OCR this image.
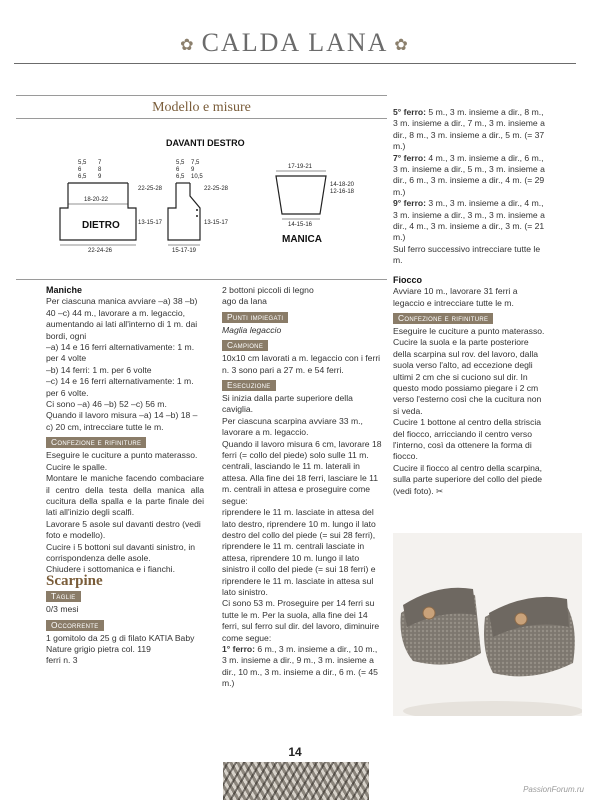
✿ CALDA LANA ✿
Modello e misure
DAVANTI DESTRO
DIETRO
5,5
6
6,5
7
8
9
18-20-22
22-25-28
13-15-17
22-24-26
5,5
6
6,5
7,5
9
10,5
22-25-28
13-15-17
15-17-19
17-19-21
14-18-20
12-16-18
14-15-16
MANICA

Maniche

Per ciascuna manica avviare –a) 38 –b) 40 –c) 44 m., lavorare a m. legaccio, aumentando ai lati all'interno di 1 m. dai bordi, ogni

–a) 14 e 16 ferri alternativamente: 1 m. per 4 volte

–b) 14 ferri: 1 m. per 6 volte

–c) 14 e 16 ferri alternativamente: 1 m. per 6 volte.

Ci sono –a) 46 –b) 52 –c) 56 m.

Quando il lavoro misura –a) 14 –b) 18 –c) 20 cm, intrecciare tutte le m.

Confezione e rifiniture

Eseguire le cuciture a punto materasso. Cucire le spalle.

Montare le maniche facendo combaciare il centro della testa della manica alla cucitura della spalla e la parte finale dei lati all'inizio degli scalfi.

Lavorare 5 asole sul davanti destro (vedi foto e modello).

Cucire i 5 bottoni sul davanti sinistro, in corrispondenza delle asole.

Chiudere i sottomanica e i fianchi.

Scarpine

Taglie

0/3 mesi

Occorrente

1 gomitolo da 25 g di filato KATIA Baby Nature grigio pietra col. 119

ferri n. 3

2 bottoni piccoli di legno

ago da lana

Punti impiegati

Maglia legaccio

Campione

10x10 cm lavorati a m. legaccio con i ferri n. 3 sono pari a 27 m. e 54 ferri.

Esecuzione

Si inizia dalla parte superiore della caviglia.

Per ciascuna scarpina avviare 33 m., lavorare a m. legaccio.

Quando il lavoro misura 6 cm, lavorare 18 ferri (= collo del piede) solo sulle 11 m. centrali, lasciando le 11 m. laterali in attesa. Alla fine dei 18 ferri, lasciare le 11 m. centrali in attesa e proseguire come segue:

riprendere le 11 m. lasciate in attesa del lato destro, riprendere 10 m. lungo il lato destro del collo del piede (= sui 28 ferri), riprendere le 11 m. centrali lasciate in attesa, riprendere 10 m. lungo il lato sinistro il collo del piede (= sui 18 ferri) e riprendere le 11 m. lasciate in attesa sul lato sinistro.

Ci sono 53 m. Proseguire per 14 ferri su tutte le m. Per la suola, alla fine dei 14 ferri, sul ferro sul dir. del lavoro, diminuire come segue:

1° ferro: 6 m., 3 m. insieme a dir., 10 m., 3 m. insieme a dir., 9 m., 3 m. insieme a dir., 10 m., 3 m. insieme a dir., 6 m. (= 45 m.)

5° ferro: 5 m., 3 m. insieme a dir., 8 m., 3 m. insieme a dir., 7 m., 3 m. insieme a dir., 8 m., 3 m. insieme a dir., 5 m. (= 37 m.)

7° ferro: 4 m., 3 m. insieme a dir., 6 m., 3 m. insieme a dir., 5 m., 3 m. insieme a dir., 6 m., 3 m. insieme a dir., 4 m. (= 29 m.)

9° ferro: 3 m., 3 m. insieme a dir., 4 m., 3 m. insieme a dir., 3 m., 3 m. insieme a dir., 4 m., 3 m. insieme a dir., 3 m. (= 21 m.)

Sul ferro successivo intrecciare tutte le m.

Fiocco

Avviare 10 m., lavorare 31 ferri a legaccio e intrecciare tutte le m.

Confezione e rifiniture

Eseguire le cuciture a punto materasso.

Cucire la suola e la parte posteriore della scarpina sul rov. del lavoro, dalla suola verso l'alto, ad eccezione degli ultimi 2 cm che si cuciono sul dir. In questo modo possiamo piegare i 2 cm verso l'esterno così che la cucitura non si veda.

Cucire 1 bottone al centro della striscia del fiocco, arricciando il centro verso l'interno, così da ottenere la forma di fiocco.

Cucire il fiocco al centro della scarpina, sulla parte superiore del collo del piede (vedi foto). ✂

14
PassionForum.ru
